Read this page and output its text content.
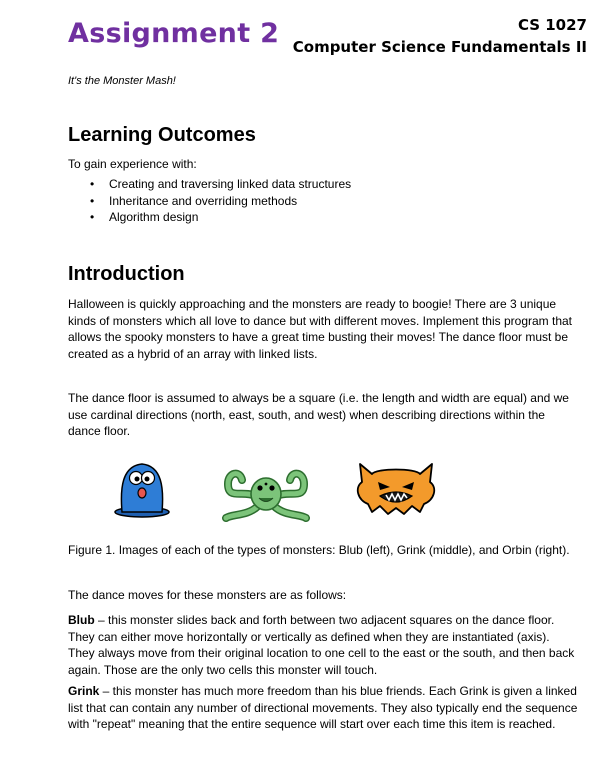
Assignment 2	CS 1027
Computer Science Fundamentals II
It's the Monster Mash!
Learning Outcomes
To gain experience with:
• Creating and traversing linked data structures
• Inheritance and overriding methods
• Algorithm design
Introduction
Halloween is quickly approaching and the monsters are ready to boogie! There are 3 unique
kinds of monsters which all love to dance but with different moves. Implement this program that
allows the spooky monsters to have a great time busting their moves! The dance floor must be
created as a hybrid of an array with linked lists.
The dance floor is assumed to always be a square (i.e. the length and width are equal) and we
use cardinal directions (north, east, south, and west) when describing directions within the
dance floor.
Figure 1. Images of each of the types of monsters: Blub (left), Grink (middle), and Orbin (right).
The dance moves for these monsters are as follows:
Blub – this monster slides back and forth between two adjacent squares on the dance floor.
They can either move horizontally or vertically as defined when they are instantiated (axis).
They always move from their original location to one cell to the east or the south, and then back
again. Those are the only two cells this monster will touch.
Grink – this monster has much more freedom than his blue friends. Each Grink is given a linked
list that can contain any number of directional movements. They also typically end the sequence
with "repeat" meaning that the entire sequence will start over each time this item is reached.
